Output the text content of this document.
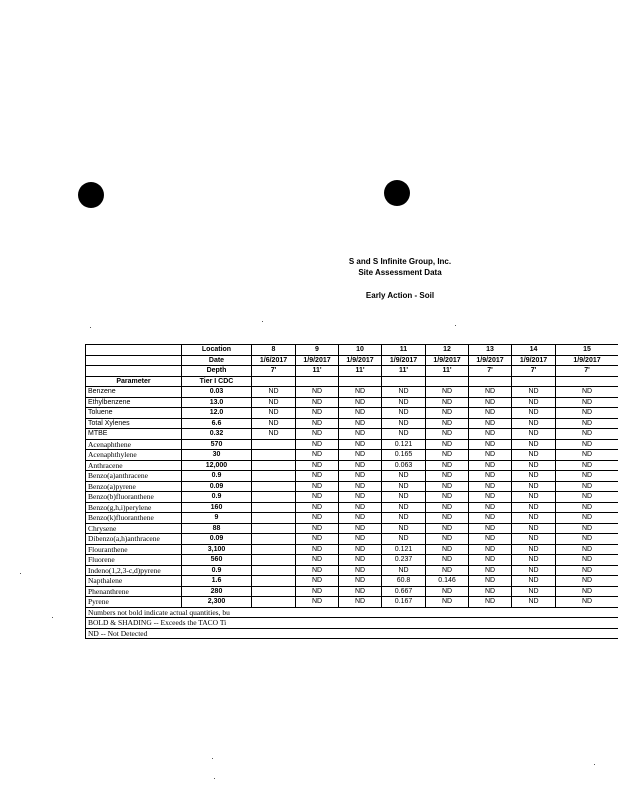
S and S Infinite Group, Inc.
Site Assessment Data
Early Action - Soil
	Location	8	9	10	11	12	13	14	15	
	Date	1/6/2017	1/9/2017	1/9/2017	1/9/2017	1/9/2017	1/9/2017	1/9/2017	1/9/2017	
	Depth	7'	11'	11'	11'	11'	7'	7'	7'	
Parameter	Tier I CDC									
Benzene	0.03	ND	ND	ND	ND	ND	ND	ND	ND	
Ethylbenzene	13.0	ND	ND	ND	ND	ND	ND	ND	ND	
Toluene	12.0	ND	ND	ND	ND	ND	ND	ND	ND	
Total Xylenes	6.6	ND	ND	ND	ND	ND	ND	ND	ND	
MTBE	0.32	ND	ND	ND	ND	ND	ND	ND	ND	
Acenaphthene	570		ND	ND	0.121	ND	ND	ND	ND	
Acenaphthylene	30		ND	ND	0.165	ND	ND	ND	ND	
Anthracene	12,000		ND	ND	0.063	ND	ND	ND	ND	
Benzo(a)anthracene	0.9		ND	ND	ND	ND	ND	ND	ND	
Benzo(a)pyrene	0.09		ND	ND	ND	ND	ND	ND	ND	
Benzo(b)fluoranthene	0.9		ND	ND	ND	ND	ND	ND	ND	
Benzo(g,h,i)perylene	160		ND	ND	ND	ND	ND	ND	ND	
Benzo(k)fluoranthene	9		ND	ND	ND	ND	ND	ND	ND	
Chrysene	88		ND	ND	ND	ND	ND	ND	ND	
Dibenzo(a,h)anthracene	0.09		ND	ND	ND	ND	ND	ND	ND	
Flouranthene	3,100		ND	ND	0.121	ND	ND	ND	ND	
Fluorene	560		ND	ND	0.237	ND	ND	ND	ND	
Indeno(1,2,3-c,d)pyrene	0.9		ND	ND	ND	ND	ND	ND	ND	
Napthalene	1.6		ND	ND	60.8	0.146	ND	ND	ND	
Phenanthrene	280		ND	ND	0.667	ND	ND	ND	ND	
Pyrene	2,300		ND	ND	0.167	ND	ND	ND	ND	
Numbers not bold indicate actual quantities, bu										
BOLD & SHADING -- Exceeds the TACO Ti										
ND -- Not Detected										
